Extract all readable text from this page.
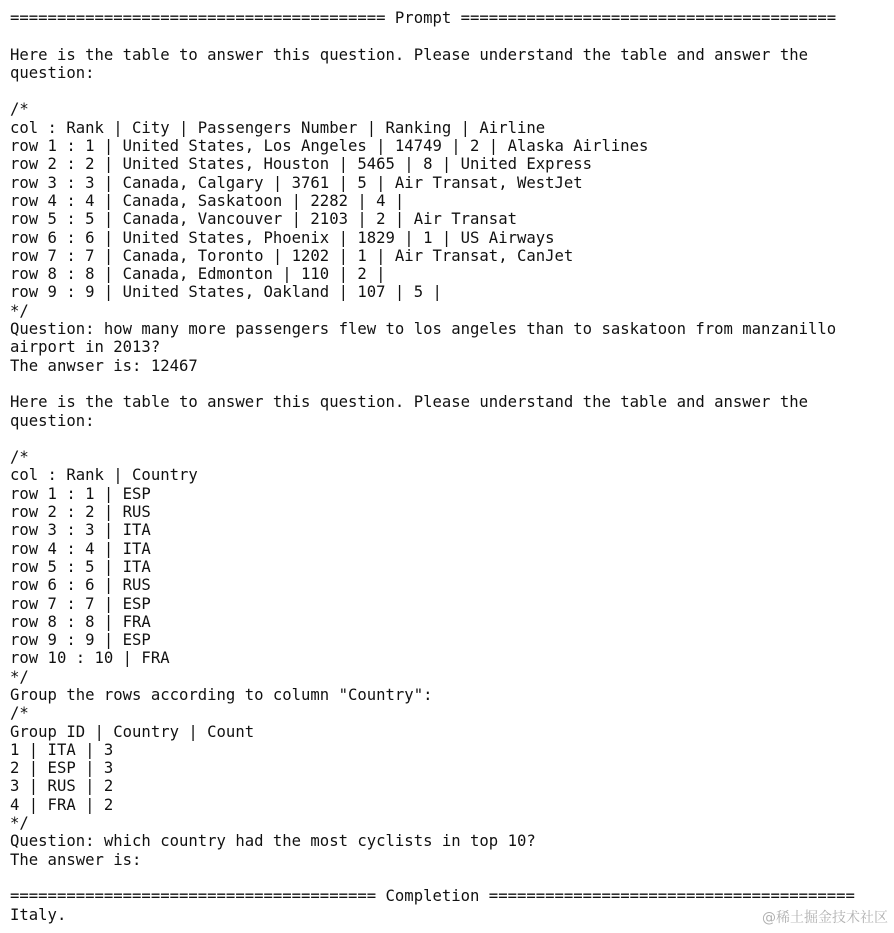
======================================== Prompt ========================================
Here is the table to answer this question. Please understand the table and answer the
question:
/*
col : Rank | City | Passengers Number | Ranking | Airline
row 1 : 1 | United States, Los Angeles | 14749 | 2 | Alaska Airlines
row 2 : 2 | United States, Houston | 5465 | 8 | United Express
row 3 : 3 | Canada, Calgary | 3761 | 5 | Air Transat, WestJet
row 4 : 4 | Canada, Saskatoon | 2282 | 4 |
row 5 : 5 | Canada, Vancouver | 2103 | 2 | Air Transat
row 6 : 6 | United States, Phoenix | 1829 | 1 | US Airways
row 7 : 7 | Canada, Toronto | 1202 | 1 | Air Transat, CanJet
row 8 : 8 | Canada, Edmonton | 110 | 2 |
row 9 : 9 | United States, Oakland | 107 | 5 |
*/
Question: how many more passengers flew to los angeles than to saskatoon from manzanillo
airport in 2013?
The anwser is: 12467
Here is the table to answer this question. Please understand the table and answer the
question:
/*
col : Rank | Country
row 1 : 1 | ESP
row 2 : 2 | RUS
row 3 : 3 | ITA
row 4 : 4 | ITA
row 5 : 5 | ITA
row 6 : 6 | RUS
row 7 : 7 | ESP
row 8 : 8 | FRA
row 9 : 9 | ESP
row 10 : 10 | FRA
*/
Group the rows according to column "Country":
/*
Group ID | Country | Count
1 | ITA | 3
2 | ESP | 3
3 | RUS | 2
4 | FRA | 2
*/
Question: which country had the most cyclists in top 10?
The answer is:
======================================= Completion =======================================
Italy.	@稀土掘金技术社区
